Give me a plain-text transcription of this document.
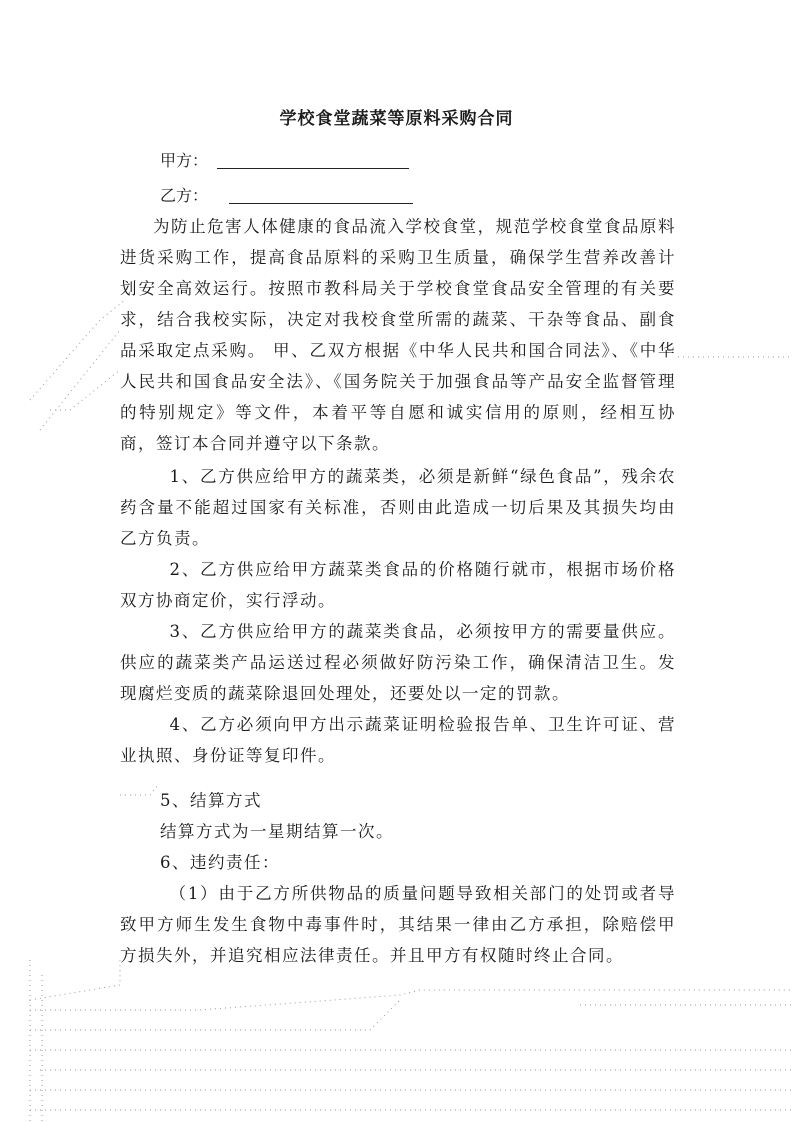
学校食堂蔬菜等原料采购合同
甲方：
乙方：

为防止危害人体健康的食品流入学校食堂，规范学校食堂食品原料进货采购工作，提高食品原料的采购卫生质量，确保学生营养改善计划安全高效运行。按照市教科局关于学校食堂食品安全管理的有关要求，结合我校实际，决定对我校食堂所需的蔬菜、干杂等食品、副食品采取定点采购。 甲、乙双方根据《中华人民共和国合同法》、《中华人民共和国食品安全法》、《国务院关于加强食品等产品安全监督管理的特别规定》等文件，本着平等自愿和诚实信用的原则，经相互协商，签订本合同并遵守以下条款。

1、乙方供应给甲方的蔬菜类，必须是新鲜“绿色食品”，残余农药含量不能超过国家有关标准，否则由此造成一切后果及其损失均由乙方负责。

2、乙方供应给甲方蔬菜类食品的价格随行就市，根据市场价格双方协商定价，实行浮动。

3、乙方供应给甲方的蔬菜类食品，必须按甲方的需要量供应。供应的蔬菜类产品运送过程必须做好防污染工作，确保清洁卫生。发现腐烂变质的蔬菜除退回处理处，还要处以一定的罚款。

4、乙方必须向甲方出示蔬菜证明检验报告单、卫生许可证、营业执照、身份证等复印件。

5、结算方式
结算方式为一星期结算一次。
6、违约责任：

（1）由于乙方所供物品的质量问题导致相关部门的处罚或者导致甲方师生发生食物中毒事件时，其结果一律由乙方承担，除赔偿甲方损失外，并追究相应法律责任。并且甲方有权随时终止合同。
